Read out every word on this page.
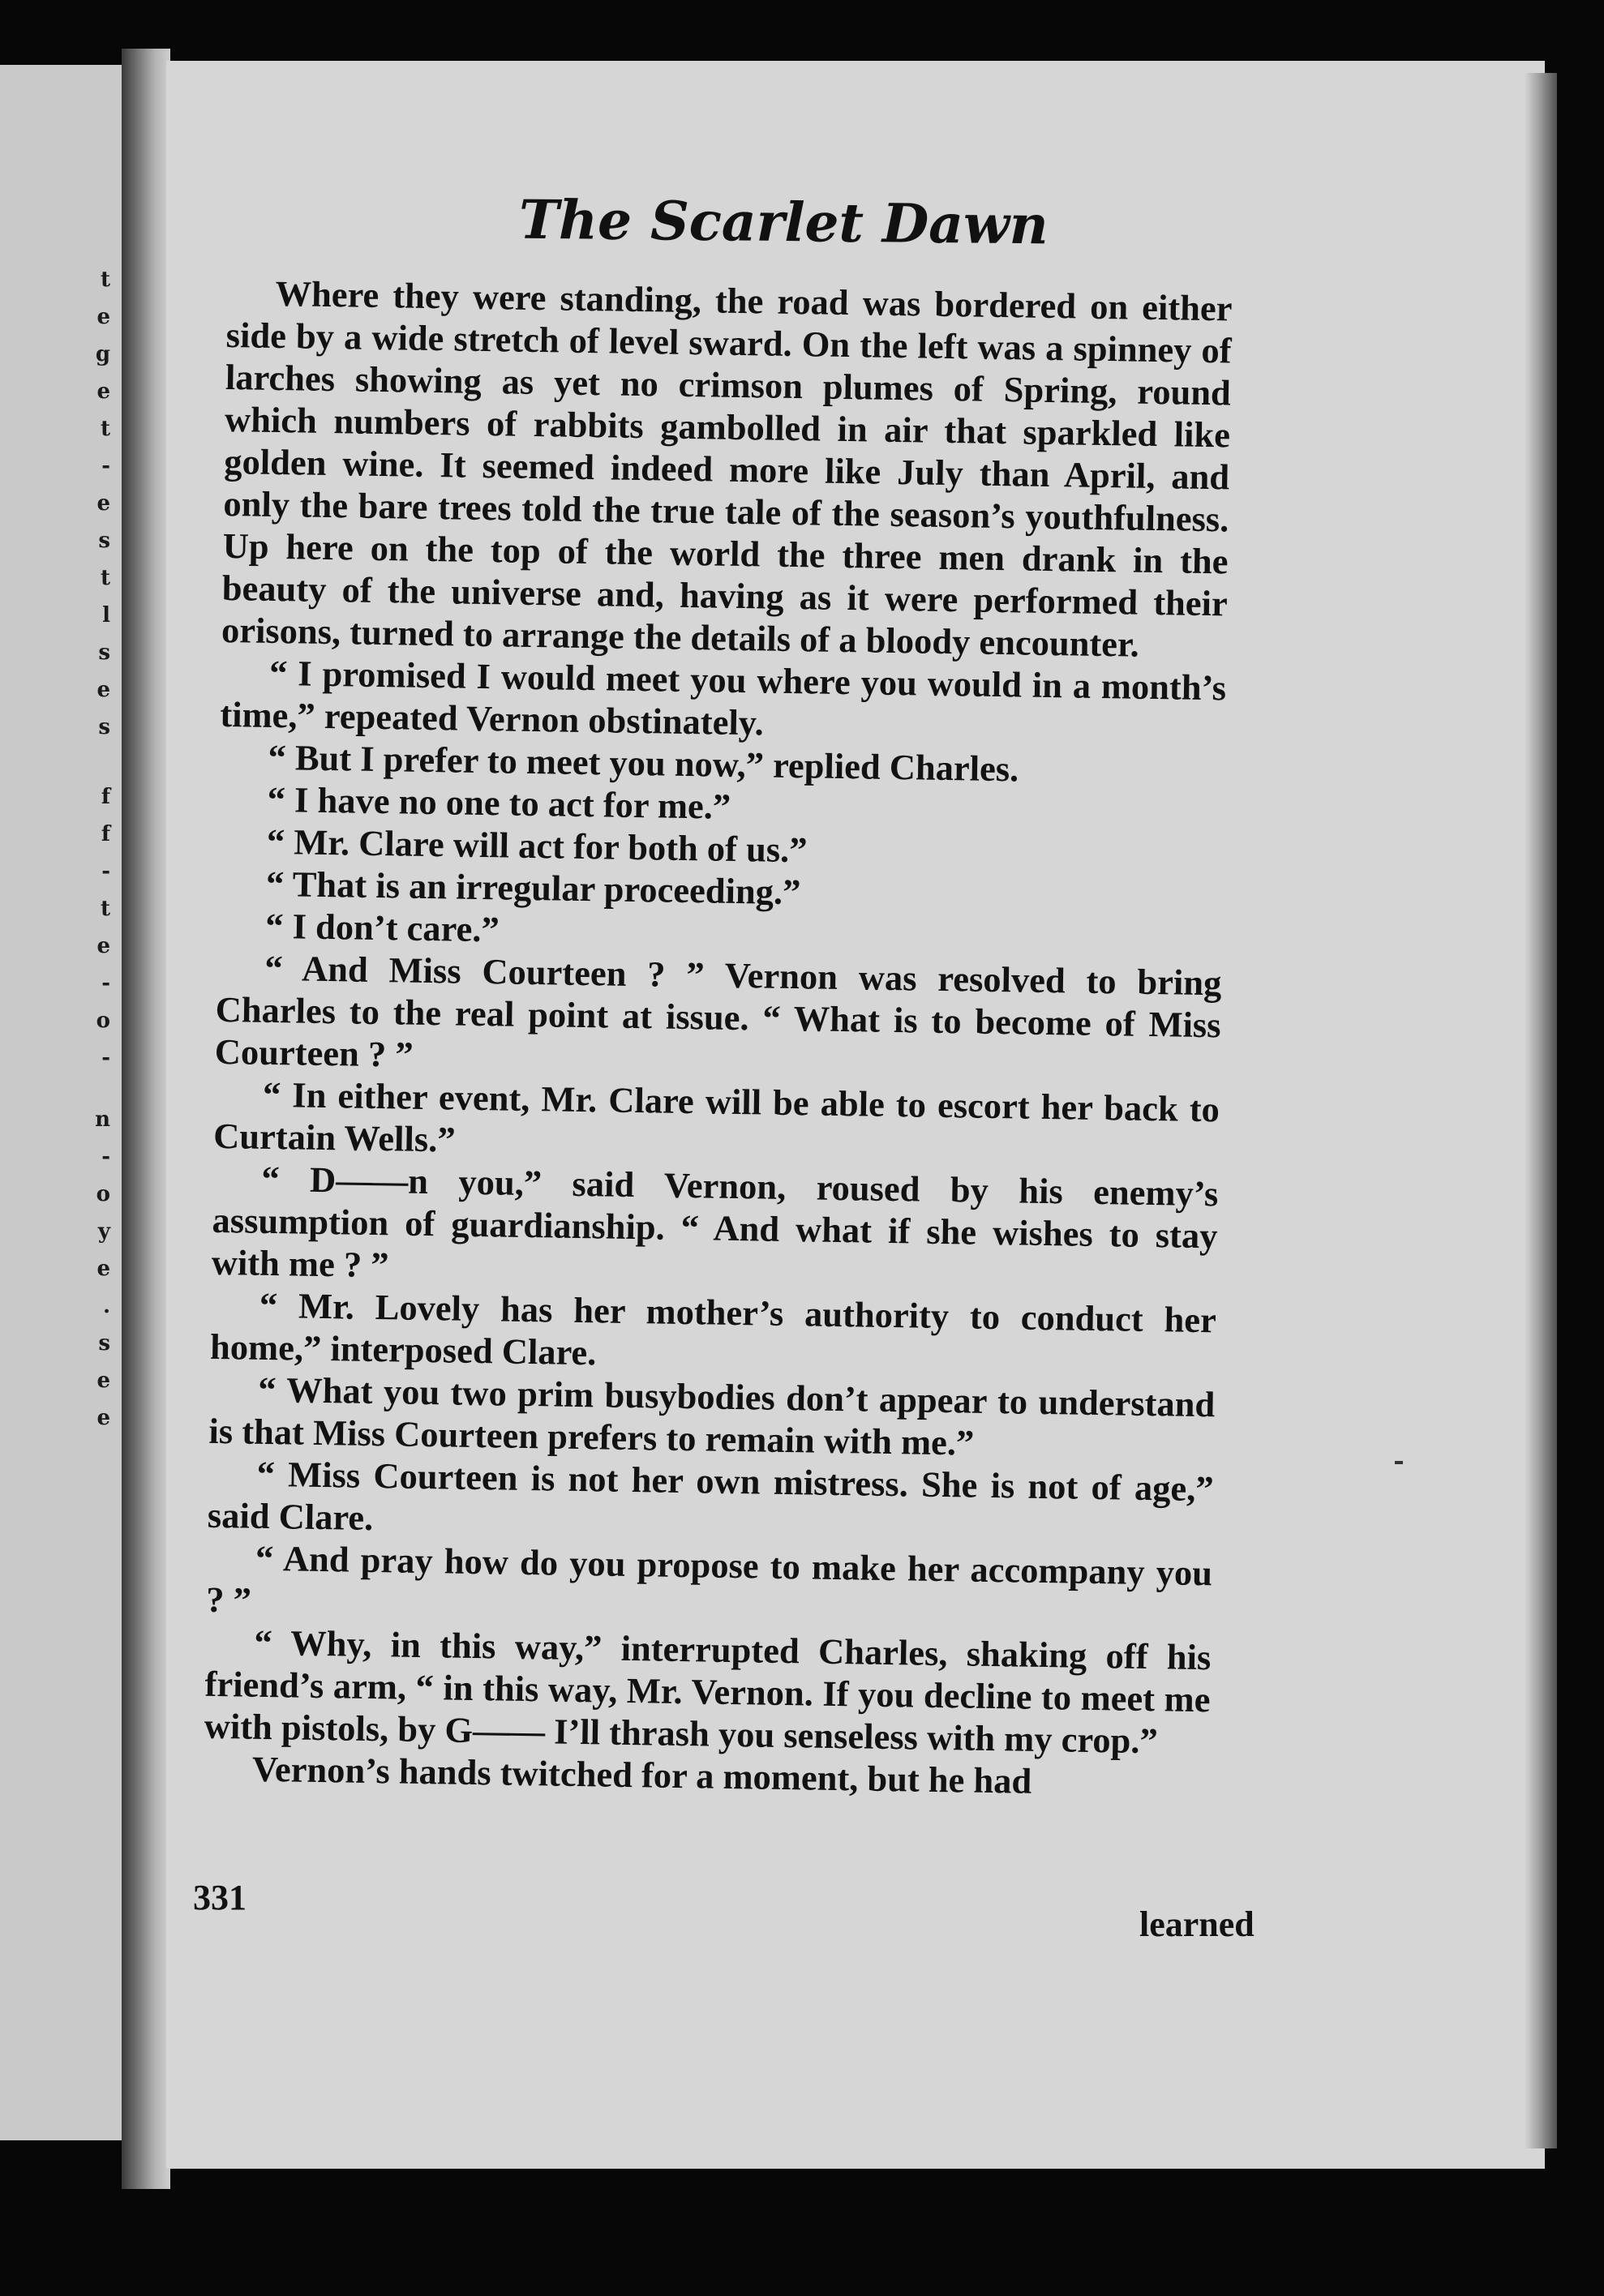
t
e
g
e
t
-
e
s
t
l
s
e
s
f
f
-
t
e
-
o
-
n
-
o
y
e
.
s
e
e
The Scarlet Dawn

Where they were standing, the road was bordered on either side by a wide stretch of level sward. On the left was a spinney of larches showing as yet no crimson plumes of Spring, round which numbers of rabbits gambolled in air that sparkled like golden wine. It seemed indeed more like July than April, and only the bare trees told the true tale of the season’s youthfulness. Up here on the top of the world the three men drank in the beauty of the universe and, having as it were performed their orisons, turned to arrange the details of a bloody encounter.

“ I promised I would meet you where you would in a month’s time,” repeated Vernon obstinately.

“ But I prefer to meet you now,” replied Charles.

“ I have no one to act for me.”

“ Mr. Clare will act for both of us.”

“ That is an irregular proceeding.”

“ I don’t care.”

“ And Miss Courteen ? ” Vernon was resolved to bring Charles to the real point at issue. “ What is to become of Miss Courteen ? ”

“ In either event, Mr. Clare will be able to escort her back to Curtain Wells.”

“ D——n you,” said Vernon, roused by his enemy’s assumption of guardianship. “ And what if she wishes to stay with me ? ”

“ Mr. Lovely has her mother’s authority to conduct her home,” interposed Clare.

“ What you two prim busybodies don’t appear to understand is that Miss Courteen prefers to remain with me.”

“ Miss Courteen is not her own mistress. She is not of age,” said Clare.

“ And pray how do you propose to make her accompany you ? ”

“ Why, in this way,” interrupted Charles, shaking off his friend’s arm, “ in this way, Mr. Vernon. If you decline to meet me with pistols, by G—— I’ll thrash you senseless with my crop.”

Vernon’s hands twitched for a moment, but he had

331
learned
